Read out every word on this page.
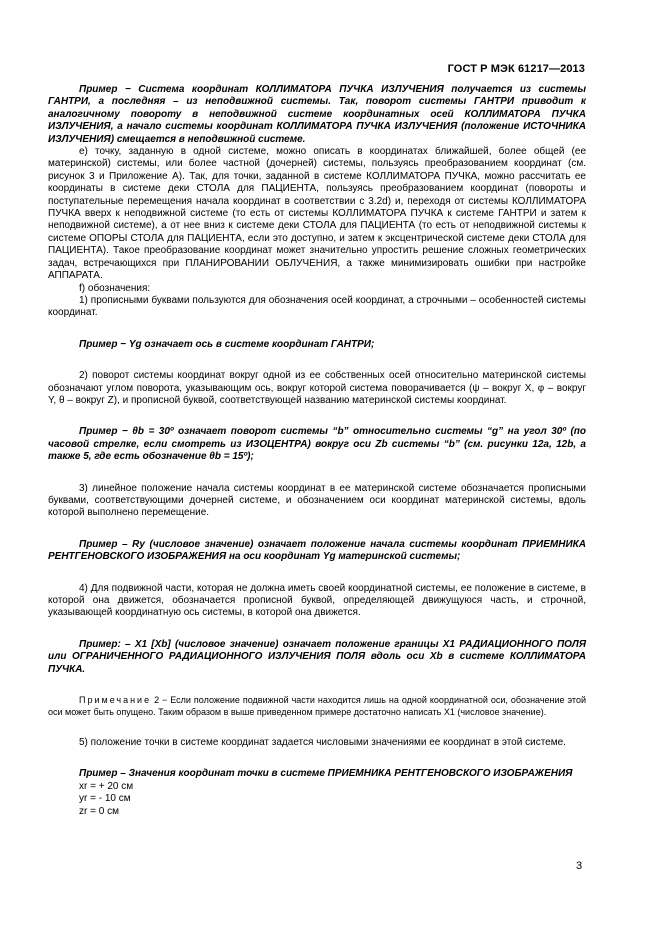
ГОСТ Р МЭК 61217—2013

Пример − Система координат КОЛЛИМАТОРА ПУЧКА ИЗЛУЧЕНИЯ получается из системы ГАНТРИ, а последняя – из неподвижной системы. Так, поворот системы ГАНТРИ приводит к аналогичному повороту в неподвижной системе координатных осей КОЛЛИМАТОРА ПУЧКА ИЗЛУЧЕНИЯ, а начало системы координат КОЛЛИМАТОРА ПУЧКА ИЗЛУЧЕНИЯ (положение ИСТОЧНИКА ИЗЛУЧЕНИЯ) смещается в неподвижной системе.

e) точку, заданную в одной системе, можно описать в координатах ближайшей, более общей (ее материнской) системы, или более частной (дочерней) системы, пользуясь преобразованием координат (см. рисунок 3 и Приложение А). Так, для точки, заданной в системе КОЛЛИМАТОРА ПУЧКА, можно рассчитать ее координаты в системе деки СТОЛА для ПАЦИЕНТА, пользуясь преобразованием координат (повороты и поступательные перемещения начала координат в соответствии с 3.2d) и, переходя от системы КОЛЛИМАТОРА ПУЧКА вверх к неподвижной системе (то есть от системы КОЛЛИМАТОРА ПУЧКА к системе ГАНТРИ и затем к неподвижной системе), а от нее вниз к системе деки СТОЛА для ПАЦИЕНТА (то есть от неподвижной системы к системе ОПОРЫ СТОЛА для ПАЦИЕНТА, если это доступно, и затем к эксцентрической системе деки СТОЛА для ПАЦИЕНТА). Такое преобразование координат может значительно упростить решение сложных геометрических задач, встречающихся при ПЛАНИРОВАНИИ ОБЛУЧЕНИЯ, а также минимизировать ошибки при настройке АППАРАТА.

f) обозначения:

1) прописными буквами пользуются для обозначения осей координат, а строчными – особенностей системы координат.

Пример − Yg означает ось в системе координат ГАНТРИ;

2) поворот системы координат вокруг одной из ее собственных осей относительно материнской системы обозначают углом поворота, указывающим ось, вокруг которой система поворачивается (ψ – вокруг X, φ – вокруг Y, θ – вокруг Z), и прописной буквой, соответствующей названию материнской системы координат.

Пример − θb = 30º означает поворот системы “b” относительно системы “g” на угол 30º (по часовой стрелке, если смотреть из ИЗОЦЕНТРА) вокруг оси Zb системы “b” (см. рисунки 12a, 12b, а также 5, где есть обозначение θb = 15º);

3) линейное положение начала системы координат в ее материнской системе обозначается прописными буквами, соответствующими дочерней системе, и обозначением оси координат материнской системы, вдоль которой выполнено перемещение.

Пример – Ry (числовое значение) означает положение начала системы координат ПРИЕМНИКА РЕНТГЕНОВСКОГО ИЗОБРАЖЕНИЯ на оси координат Yg материнской системы;

4) Для подвижной части, которая не должна иметь своей координатной системы, ее положение в системе, в которой она движется, обозначается прописной буквой, определяющей движущуюся часть, и строчной, указывающей координатную ось системы, в которой она движется.

Пример: – X1 [Xb] (числовое значение) означает положение границы X1 РАДИАЦИОННОГО ПОЛЯ или ОГРАНИЧЕННОГО РАДИАЦИОННОГО ИЗЛУЧЕНИЯ ПОЛЯ вдоль оси Xb в системе КОЛЛИМАТОРА ПУЧКА.

Примечание 2 − Если положение подвижной части находится лишь на одной координатной оси, обозначение этой оси может быть опущено. Таким образом в выше приведенном примере достаточно написать X1 (числовое значение).

5) положение точки в системе координат задается числовыми значениями ее координат в этой системе.

Пример – Значения координат точки в системе ПРИЕМНИКА РЕНТГЕНОВСКОГО ИЗОБРАЖЕНИЯ

xr = + 20 см

yr = - 10 см

zr = 0 см

3
